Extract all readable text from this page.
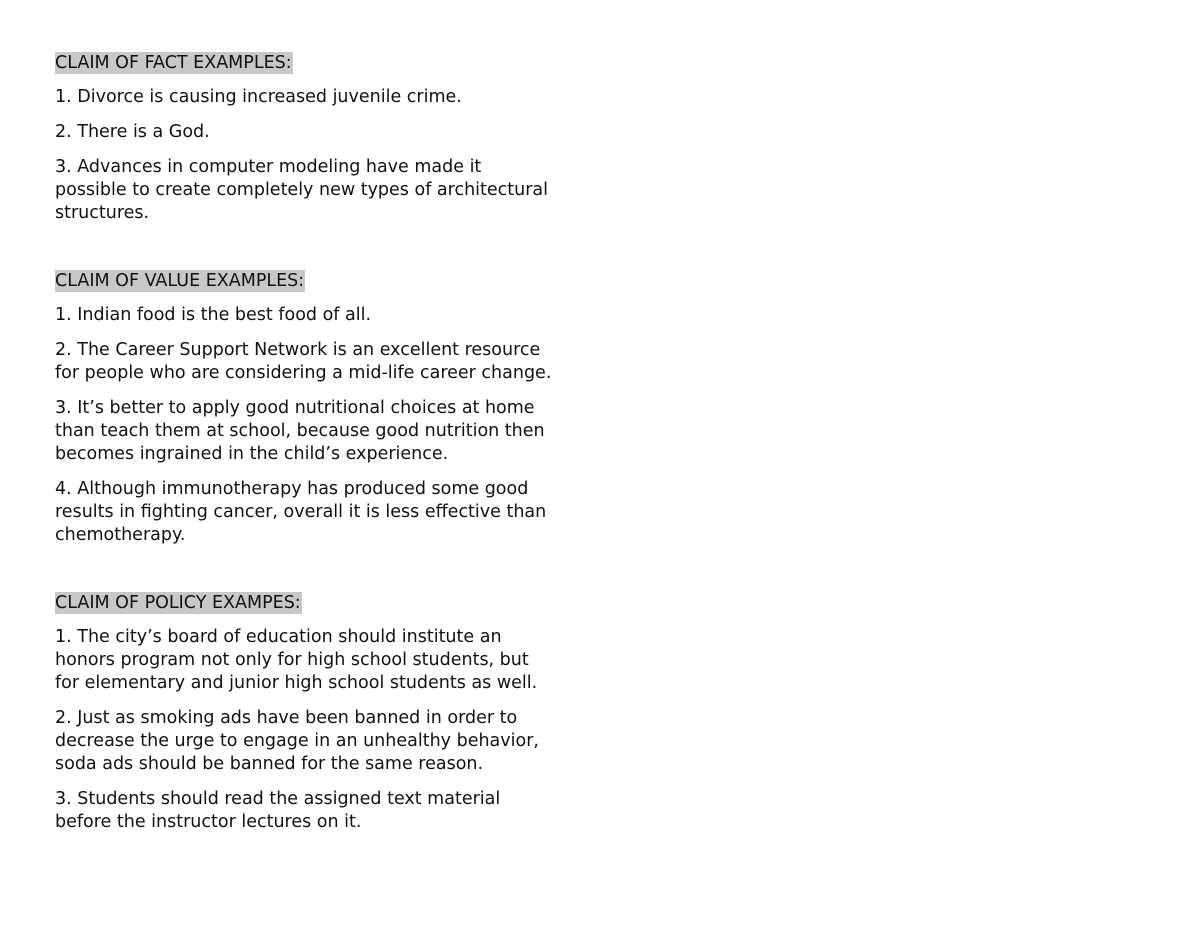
CLAIM OF FACT EXAMPLES:

1. Divorce is causing increased juvenile crime.

2. There is a God.

3. Advances in computer modeling have made it
possible to create completely new types of architectural
structures.

CLAIM OF VALUE EXAMPLES:

1. Indian food is the best food of all.

2. The Career Support Network is an excellent resource
for people who are considering a mid-life career change.

3. It’s better to apply good nutritional choices at home
than teach them at school, because good nutrition then
becomes ingrained in the child’s experience.

4. Although immunotherapy has produced some good
results in fighting cancer, overall it is less effective than
chemotherapy.

CLAIM OF POLICY EXAMPES:

1. The city’s board of education should institute an
honors program not only for high school students, but
for elementary and junior high school students as well.

2. Just as smoking ads have been banned in order to
decrease the urge to engage in an unhealthy behavior,
soda ads should be banned for the same reason.

3. Students should read the assigned text material
before the instructor lectures on it.
